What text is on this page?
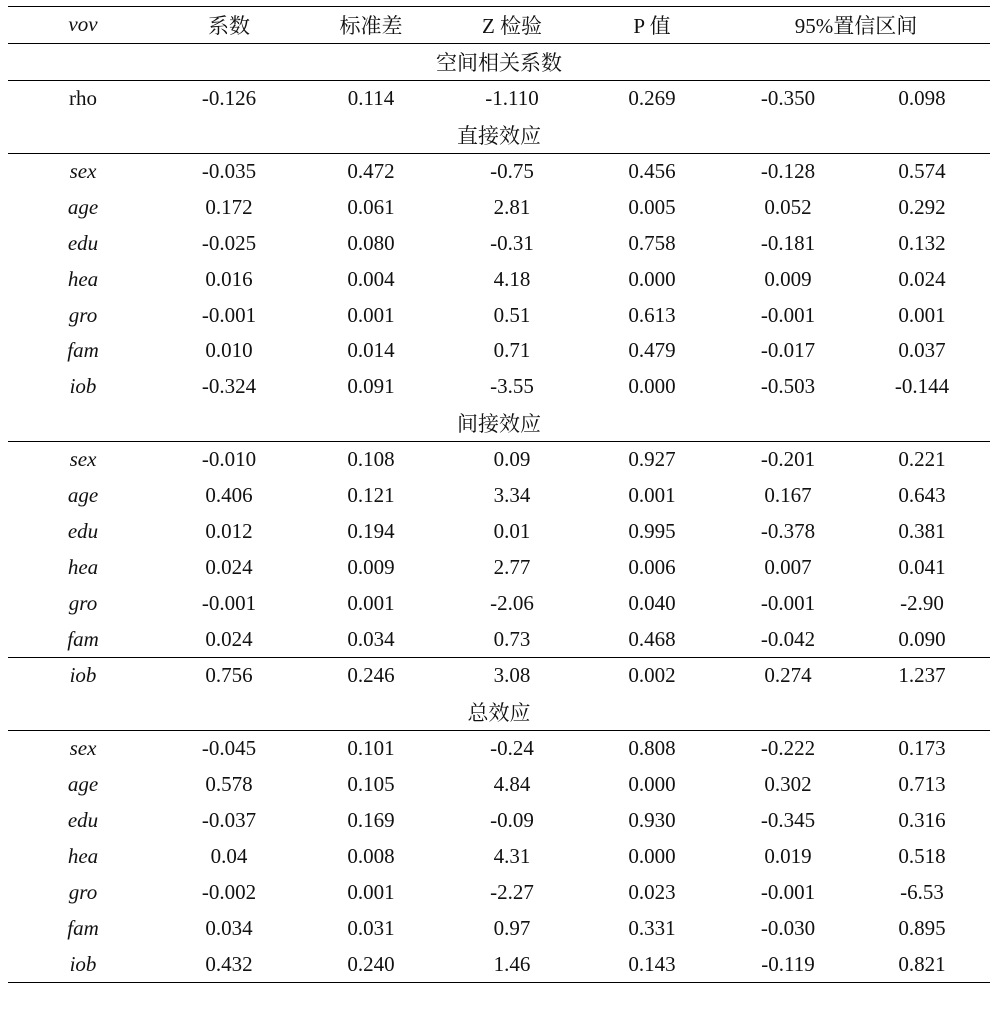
vov	系数	标准差	Z 检验	P 值	95%置信区间	
空间相关系数						
rho	-0.126	0.114	-1.110	0.269	-0.350	0.098
直接效应						
sex	-0.035	0.472	-0.75	0.456	-0.128	0.574
age	0.172	0.061	2.81	0.005	0.052	0.292
edu	-0.025	0.080	-0.31	0.758	-0.181	0.132
hea	0.016	0.004	4.18	0.000	0.009	0.024
gro	-0.001	0.001	0.51	0.613	-0.001	0.001
fam	0.010	0.014	0.71	0.479	-0.017	0.037
iob	-0.324	0.091	-3.55	0.000	-0.503	-0.144
间接效应						
sex	-0.010	0.108	0.09	0.927	-0.201	0.221
age	0.406	0.121	3.34	0.001	0.167	0.643
edu	0.012	0.194	0.01	0.995	-0.378	0.381
hea	0.024	0.009	2.77	0.006	0.007	0.041
gro	-0.001	0.001	-2.06	0.040	-0.001	-2.90
fam	0.024	0.034	0.73	0.468	-0.042	0.090
iob	0.756	0.246	3.08	0.002	0.274	1.237
总效应						
sex	-0.045	0.101	-0.24	0.808	-0.222	0.173
age	0.578	0.105	4.84	0.000	0.302	0.713
edu	-0.037	0.169	-0.09	0.930	-0.345	0.316
hea	0.04	0.008	4.31	0.000	0.019	0.518
gro	-0.002	0.001	-2.27	0.023	-0.001	-6.53
fam	0.034	0.031	0.97	0.331	-0.030	0.895
iob	0.432	0.240	1.46	0.143	-0.119	0.821
